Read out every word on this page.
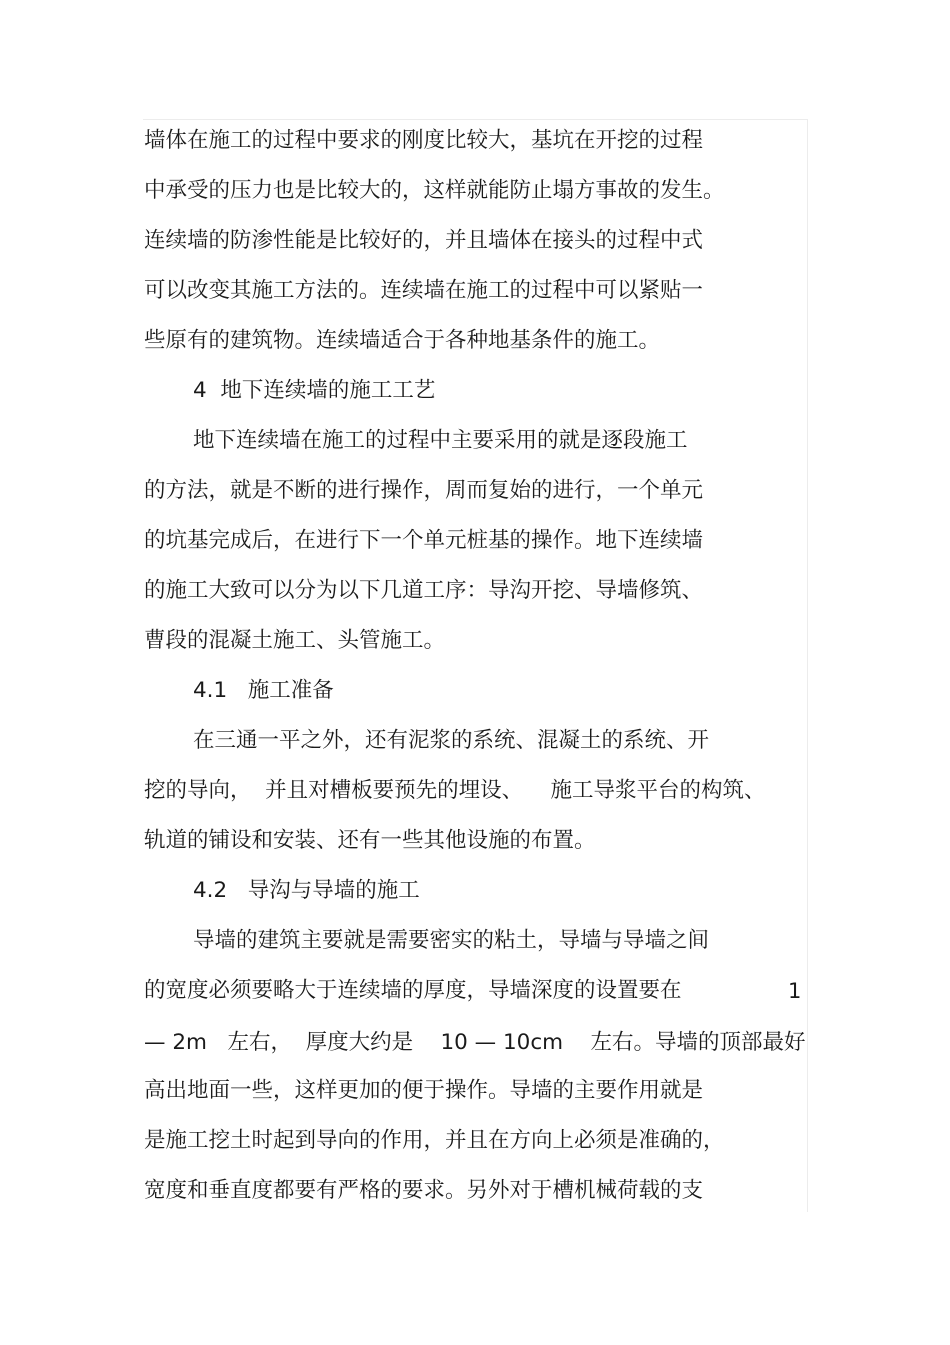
墙体在施工的过程中要求的刚度比较大，基坑在开挖的过程
中承受的压力也是比较大的，这样就能防止塌方事故的发生。
连续墙的防渗性能是比较好的，并且墙体在接头的过程中式
可以改变其施工方法的。连续墙在施工的过程中可以紧贴一
些原有的建筑物。连续墙适合于各种地基条件的施工。
4  地下连续墙的施工工艺
地下连续墙在施工的过程中主要采用的就是逐段施工
的方法，就是不断的进行操作，周而复始的进行，一个单元
的坑基完成后，在进行下一个单元桩基的操作。地下连续墙
的施工大致可以分为以下几道工序：导沟开挖、导墙修筑、
曹段的混凝土施工、头管施工。
4.1   施工准备
在三通一平之外，还有泥浆的系统、混凝土的系统、开
挖的导向，  并且对槽板要预先的埋设、    施工导浆平台的构筑、
轨道的铺设和安装、还有一些其他设施的布置。
4.2   导沟与导墙的施工
导墙的建筑主要就是需要密实的粘土，导墙与导墙之间
的宽度必须要略大于连续墙的厚度，导墙深度的设置要在	1
— 2m   左右，  厚度大约是    10 — 10cm    左右。导墙的顶部最好
高出地面一些，这样更加的便于操作。导墙的主要作用就是
是施工挖土时起到导向的作用，并且在方向上必须是准确的，
宽度和垂直度都要有严格的要求。另外对于槽机械荷载的支
